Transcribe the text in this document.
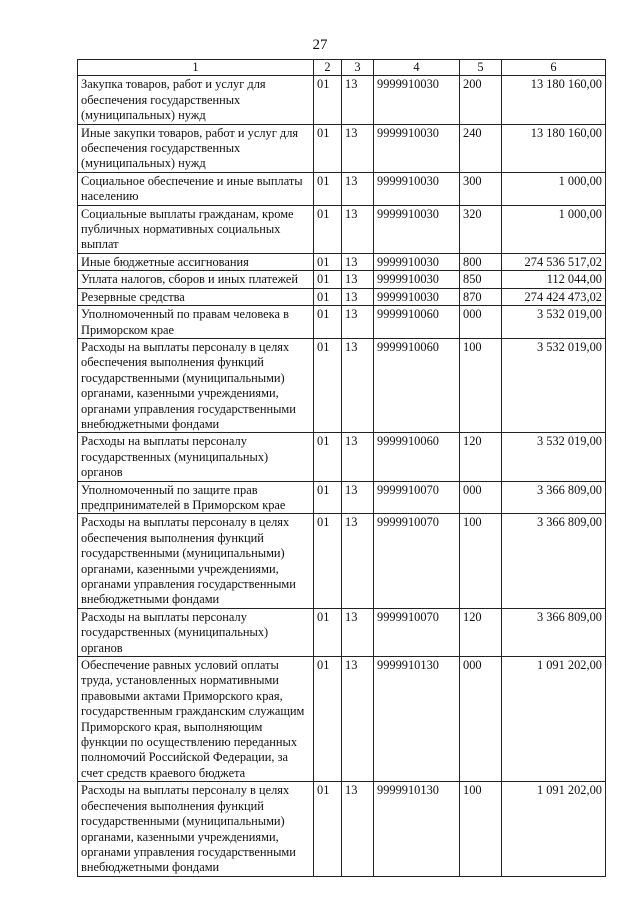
27
1	2	3	4	5	6
Закупка товаров, работ и услуг для обеспечения государственных (муниципальных) нужд	01	13	9999910030	200	13 180 160,00
Иные закупки товаров, работ и услуг для обеспечения государственных (муниципальных) нужд	01	13	9999910030	240	13 180 160,00
Социальное обеспечение и иные выплаты населению	01	13	9999910030	300	1 000,00
Социальные выплаты гражданам, кроме публичных нормативных социальных выплат	01	13	9999910030	320	1 000,00
Иные бюджетные ассигнования	01	13	9999910030	800	274 536 517,02
Уплата налогов, сборов и иных платежей	01	13	9999910030	850	112 044,00
Резервные средства	01	13	9999910030	870	274 424 473,02
Уполномоченный по правам человека в Приморском крае	01	13	9999910060	000	3 532 019,00
Расходы на выплаты персоналу в целях обеспечения выполнения функций государственными (муниципальными) органами, казенными учреждениями, органами управления государственными внебюджетными фондами	01	13	9999910060	100	3 532 019,00
Расходы на выплаты персоналу государственных (муниципальных) органов	01	13	9999910060	120	3 532 019,00
Уполномоченный по защите прав предпринимателей в Приморском крае	01	13	9999910070	000	3 366 809,00
Расходы на выплаты персоналу в целях обеспечения выполнения функций государственными (муниципальными) органами, казенными учреждениями, органами управления государственными внебюджетными фондами	01	13	9999910070	100	3 366 809,00
Расходы на выплаты персоналу государственных (муниципальных) органов	01	13	9999910070	120	3 366 809,00
Обеспечение равных условий оплаты труда, установленных нормативными правовыми актами Приморского края, государственным гражданским служащим Приморского края, выполняющим функции по осуществлению переданных полномочий Российской Федерации, за счет средств краевого бюджета	01	13	9999910130	000	1 091 202,00
Расходы на выплаты персоналу в целях обеспечения выполнения функций государственными (муниципальными) органами, казенными учреждениями, органами управления государственными внебюджетными фондами	01	13	9999910130	100	1 091 202,00
